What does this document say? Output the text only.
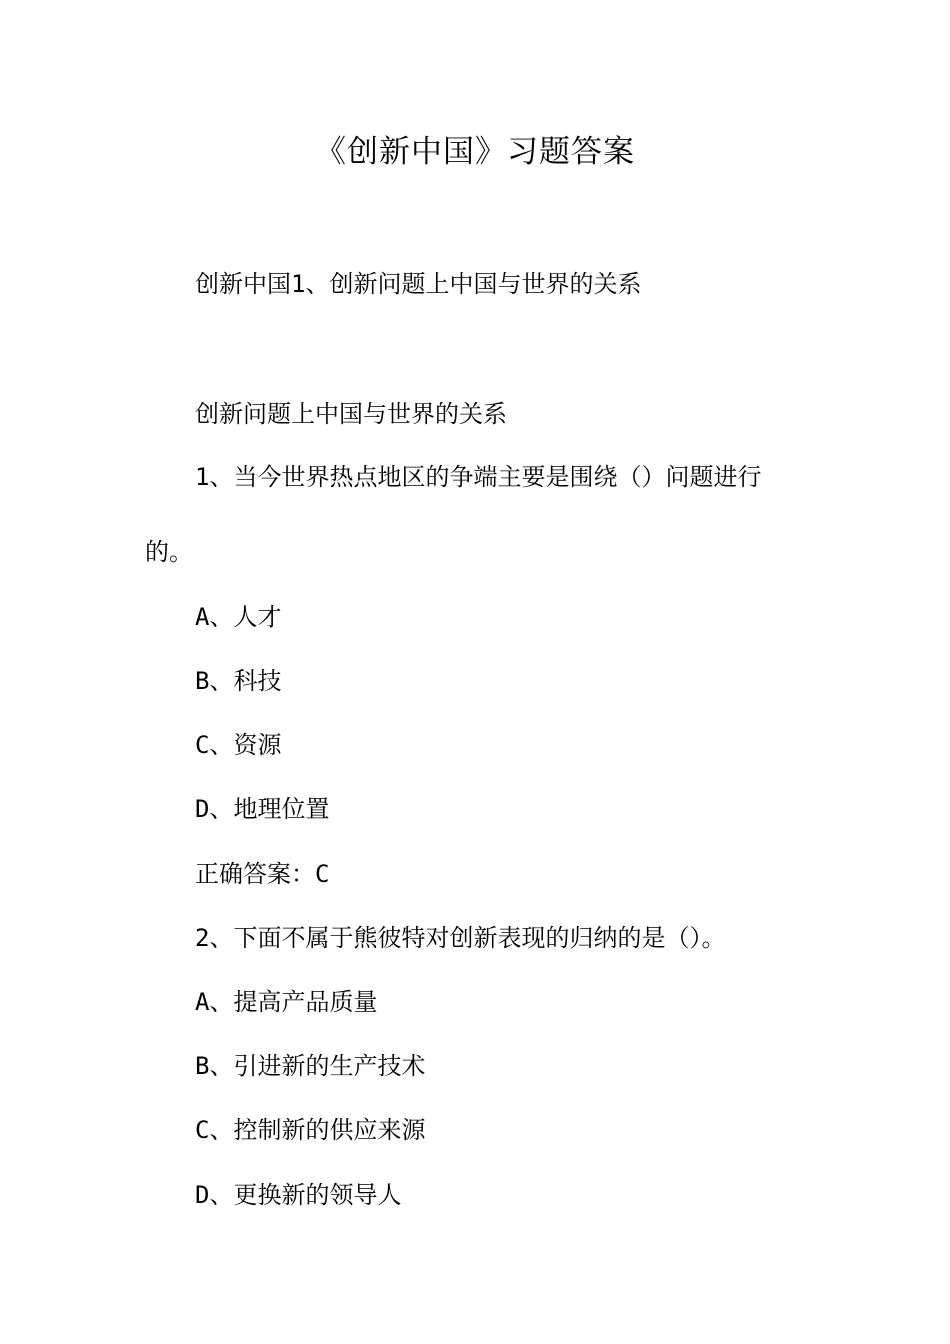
《创新中国》习题答案
创新中国1、创新问题上中国与世界的关系
创新问题上中国与世界的关系
1、当今世界热点地区的争端主要是围绕（）问题进行
的。
A、人才
B、科技
C、资源
D、地理位置
正确答案：C
2、下面不属于熊彼特对创新表现的归纳的是（）。
A、提高产品质量
B、引进新的生产技术
C、控制新的供应来源
D、更换新的领导人
